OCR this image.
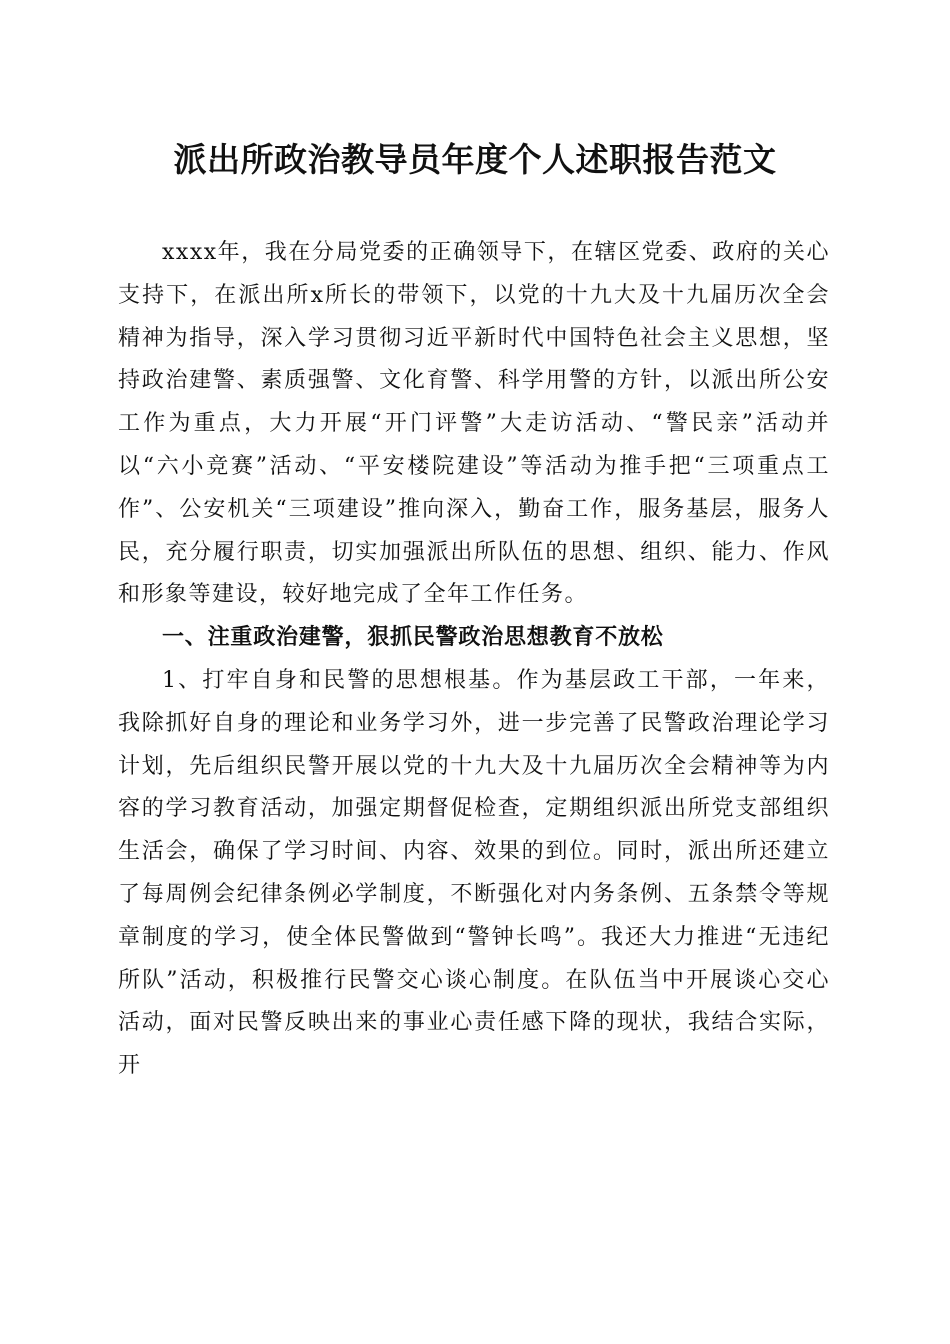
派出所政治教导员年度个人述职报告范文

xxxx年，我在分局党委的正确领导下，在辖区党委、政府的关心支持下，在派出所x所长的带领下，以党的十九大及十九届历次全会精神为指导，深入学习贯彻习近平新时代中国特色社会主义思想，坚持政治建警、素质强警、文化育警、科学用警的方针，以派出所公安工作为重点，大力开展“开门评警”大走访活动、“警民亲”活动并以“六小竞赛”活动、“平安楼院建设”等活动为推手把“三项重点工作”、公安机关“三项建设”推向深入，勤奋工作，服务基层，服务人民，充分履行职责，切实加强派出所队伍的思想、组织、能力、作风和形象等建设，较好地完成了全年工作任务。

一、注重政治建警，狠抓民警政治思想教育不放松

1、打牢自身和民警的思想根基。作为基层政工干部，一年来，我除抓好自身的理论和业务学习外，进一步完善了民警政治理论学习计划，先后组织民警开展以党的十九大及十九届历次全会精神等为内容的学习教育活动，加强定期督促检查，定期组织派出所党支部组织生活会，确保了学习时间、内容、效果的到位。同时，派出所还建立了每周例会纪律条例必学制度，不断强化对内务条例、五条禁令等规章制度的学习，使全体民警做到“警钟长鸣”。我还大力推进“无违纪所队”活动，积极推行民警交心谈心制度。在队伍当中开展谈心交心活动，面对民警反映出来的事业心责任感下降的现状，我结合实际，开
